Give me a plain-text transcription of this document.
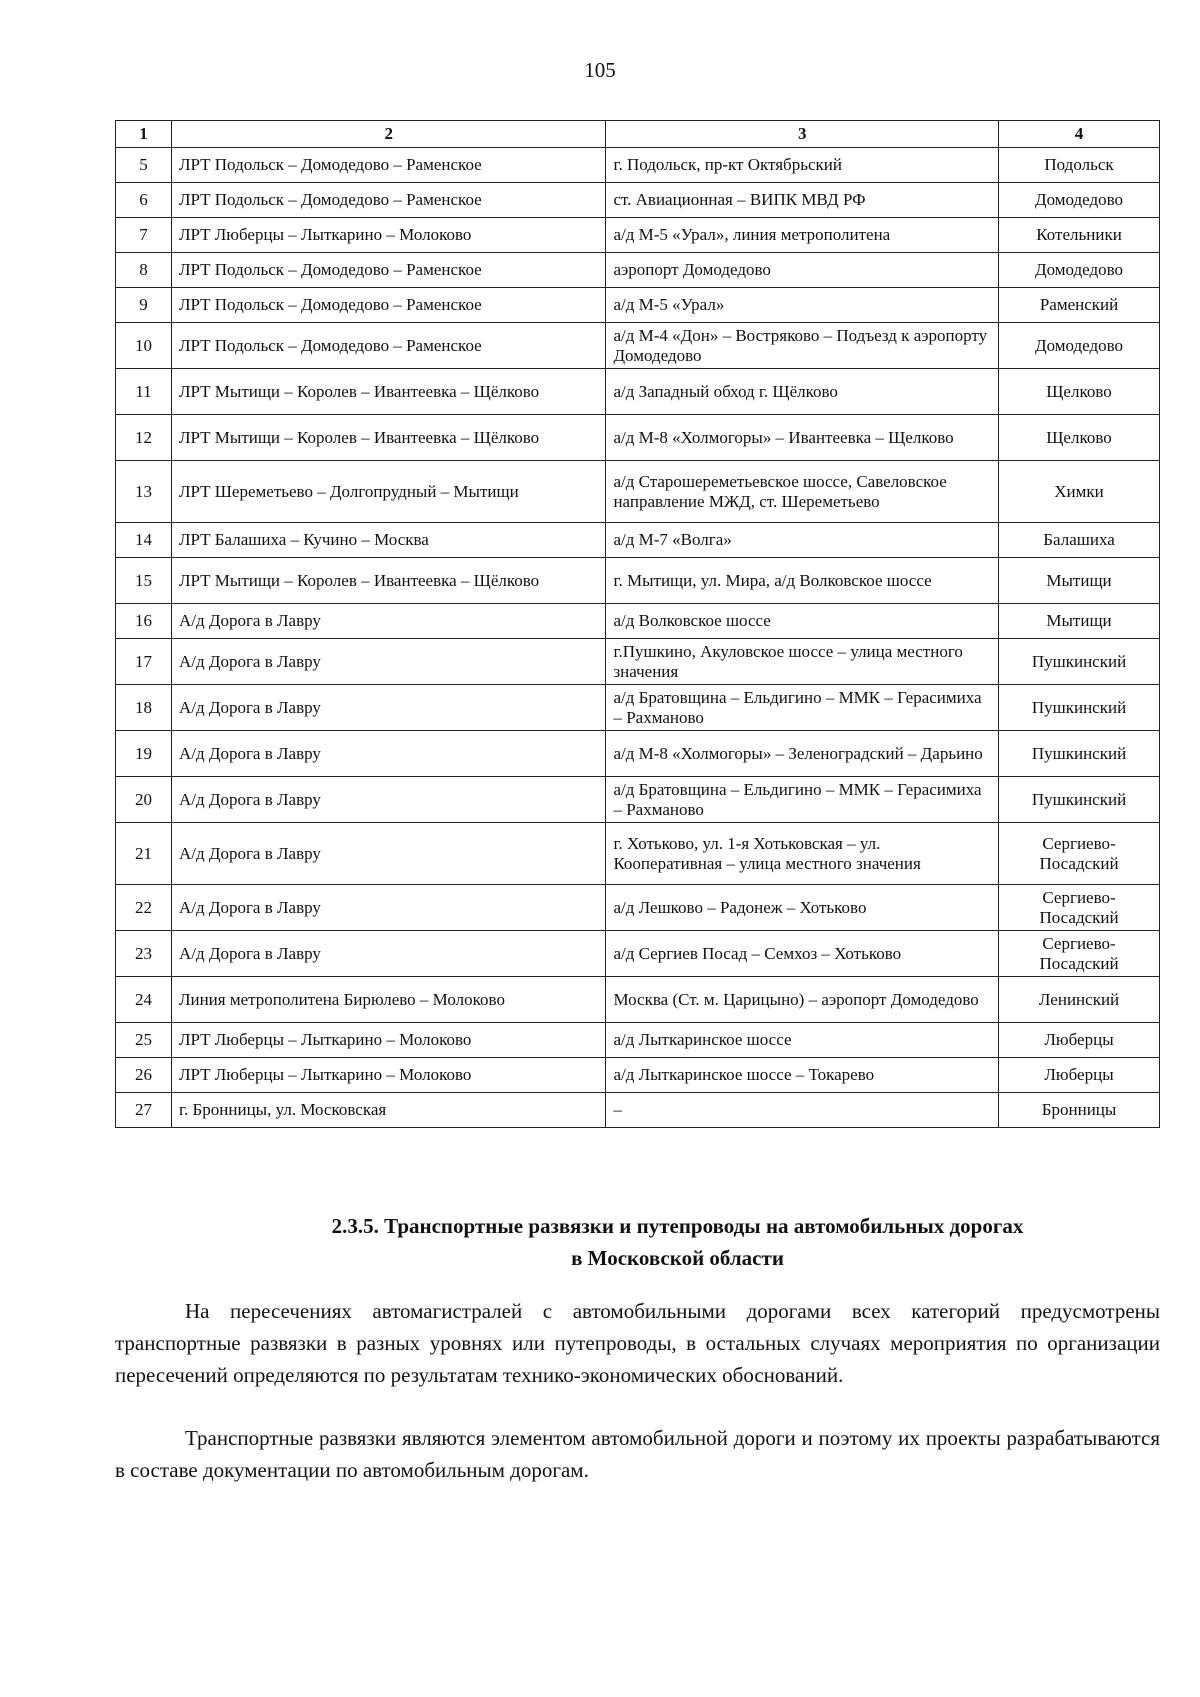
105
1	2	3	4
5	ЛРТ Подольск – Домодедово – Раменское	г. Подольск, пр-кт Октябрьский	Подольск
6	ЛРТ Подольск – Домодедово – Раменское	ст. Авиационная – ВИПК МВД РФ	Домодедово
7	ЛРТ Люберцы – Лыткарино – Молоково	а/д М-5 «Урал», линия метрополитена	Котельники
8	ЛРТ Подольск – Домодедово – Раменское	аэропорт Домодедово	Домодедово
9	ЛРТ Подольск – Домодедово – Раменское	а/д М-5 «Урал»	Раменский
10	ЛРТ Подольск – Домодедово – Раменское	а/д М-4 «Дон» – Востряково – Подъезд к аэропорту Домодедово	Домодедово
11	ЛРТ Мытищи – Королев – Ивантеевка – Щёлково	а/д Западный обход г. Щёлково	Щелково
12	ЛРТ Мытищи – Королев – Ивантеевка – Щёлково	а/д М-8 «Холмогоры» – Ивантеевка – Щелково	Щелково
13	ЛРТ Шереметьево – Долгопрудный – Мытищи	а/д Старошереметьевское шоссе, Савеловское направление МЖД, ст. Шереметьево	Химки
14	ЛРТ Балашиха – Кучино – Москва	а/д М-7 «Волга»	Балашиха
15	ЛРТ Мытищи – Королев – Ивантеевка – Щёлково	г. Мытищи, ул. Мира, а/д Волковское шоссе	Мытищи
16	А/д Дорога в Лавру	а/д Волковское шоссе	Мытищи
17	А/д Дорога в Лавру	г.Пушкино, Акуловское шоссе – улица местного значения	Пушкинский
18	А/д Дорога в Лавру	а/д Братовщина – Ельдигино – ММК – Герасимиха – Рахманово	Пушкинский
19	А/д Дорога в Лавру	а/д М-8 «Холмогоры» – Зеленоградский – Дарьино	Пушкинский
20	А/д Дорога в Лавру	а/д Братовщина – Ельдигино – ММК – Герасимиха – Рахманово	Пушкинский
21	А/д Дорога в Лавру	г. Хотьково, ул. 1-я Хотьковская – ул. Кооперативная – улица местного значения	Сергиево-Посадский
22	А/д Дорога в Лавру	а/д Лешково – Радонеж – Хотьково	Сергиево-Посадский
23	А/д Дорога в Лавру	а/д Сергиев Посад – Семхоз – Хотьково	Сергиево-Посадский
24	Линия метрополитена Бирюлево – Молоково	Москва (Ст. м. Царицыно) – аэропорт Домодедово	Ленинский
25	ЛРТ Люберцы – Лыткарино – Молоково	а/д Лыткаринское шоссе	Люберцы
26	ЛРТ Люберцы – Лыткарино – Молоково	а/д Лыткаринское шоссе – Токарево	Люберцы
27	г. Бронницы, ул. Московская	–	Бронницы
2.3.5. Транспортные развязки и путепроводы на автомобильных дорогах
в Московской области

На пересечениях автомагистралей с автомобильными дорогами всех категорий предусмотрены транспортные развязки в разных уровнях или путепроводы, в остальных случаях мероприятия по организации пересечений определяются по результатам технико-экономических обоснований.

Транспортные развязки являются элементом автомобильной дороги и поэтому их проекты разрабатываются в составе документации по автомобильным дорогам.
